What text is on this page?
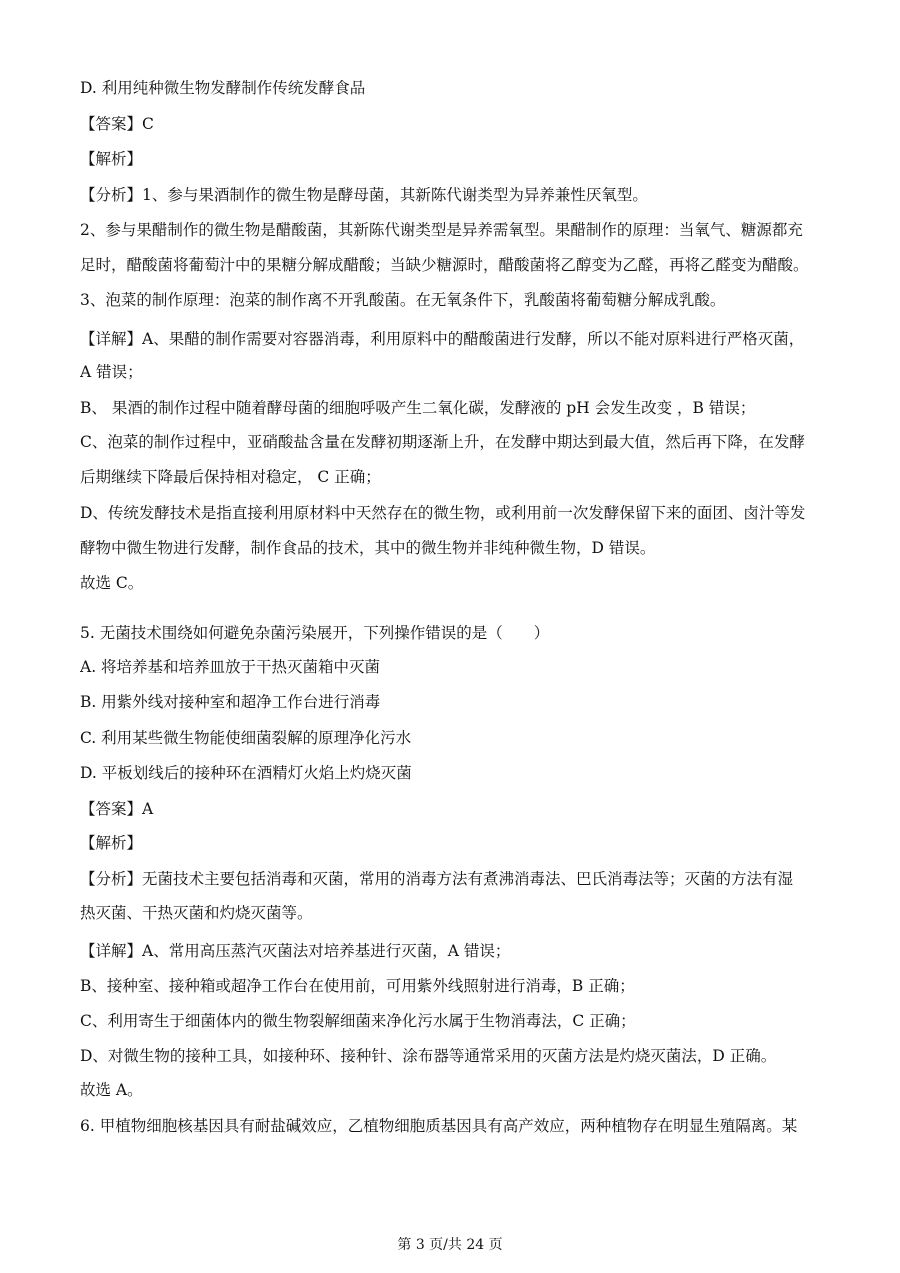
D. 利用纯种微生物发酵制作传统发酵食品
【答案】C
【解析】
【分析】1、参与果酒制作的微生物是酵母菌，其新陈代谢类型为异养兼性厌氧型。
2、参与果醋制作的微生物是醋酸菌，其新陈代谢类型是异养需氧型。果醋制作的原理：当氧气、糖源都充
足时，醋酸菌将葡萄汁中的果糖分解成醋酸；当缺少糖源时，醋酸菌将乙醇变为乙醛，再将乙醛变为醋酸。
3、泡菜的制作原理：泡菜的制作离不开乳酸菌。在无氧条件下，乳酸菌将葡萄糖分解成乳酸。
【详解】A、果醋的制作需要对容器消毒，利用原料中的醋酸菌进行发酵，所以不能对原料进行严格灭菌，
A 错误；
B、 果酒的制作过程中随着酵母菌的细胞呼吸产生二氧化碳，发酵液的 pH 会发生改变 ，B 错误；
C、泡菜的制作过程中，亚硝酸盐含量在发酵初期逐渐上升，在发酵中期达到最大值，然后再下降，在发酵
后期继续下降最后保持相对稳定， C 正确；
D、传统发酵技术是指直接利用原材料中天然存在的微生物，或利用前一次发酵保留下来的面团、卤汁等发
酵物中微生物进行发酵，制作食品的技术，其中的微生物并非纯种微生物，D 错误。
故选 C。
5. 无菌技术围绕如何避免杂菌污染展开，下列操作错误的是（　　）
A. 将培养基和培养皿放于干热灭菌箱中灭菌
B. 用紫外线对接种室和超净工作台进行消毒
C. 利用某些微生物能使细菌裂解的原理净化污水
D. 平板划线后的接种环在酒精灯火焰上灼烧灭菌
【答案】A
【解析】
【分析】无菌技术主要包括消毒和灭菌，常用的消毒方法有煮沸消毒法、巴氏消毒法等；灭菌的方法有湿
热灭菌、干热灭菌和灼烧灭菌等。
【详解】A、常用高压蒸汽灭菌法对培养基进行灭菌，A 错误；
B、接种室、接种箱或超净工作台在使用前，可用紫外线照射进行消毒，B 正确；
C、利用寄生于细菌体内的微生物裂解细菌来净化污水属于生物消毒法，C 正确；
D、对微生物的接种工具，如接种环、接种针、涂布器等通常采用的灭菌方法是灼烧灭菌法，D 正确。
故选 A。
6. 甲植物细胞核基因具有耐盐碱效应，乙植物细胞质基因具有高产效应，两种植物存在明显生殖隔离。某
第 3 页/共 24 页
